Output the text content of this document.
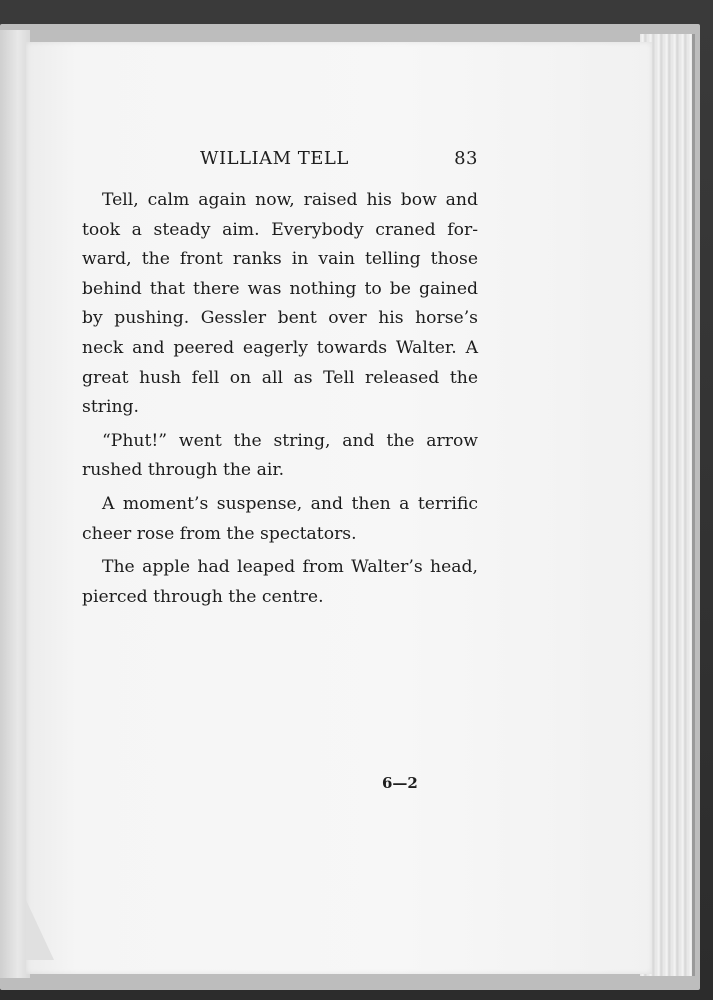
WILLIAM TELL	83
Tell, calm again now, raised his bow and
took a steady aim. Everybody craned for-
ward, the front ranks in vain telling those
behind that there was nothing to be gained
by pushing. Gessler bent over his horse’s
neck and peered eagerly towards Walter. A
great hush fell on all as Tell released the
string.
“Phut!” went the string, and the arrow
rushed through the air.
A moment’s suspense, and then a terrific
cheer rose from the spectators.
The apple had leaped from Walter’s head,
pierced through the centre.
6—2
